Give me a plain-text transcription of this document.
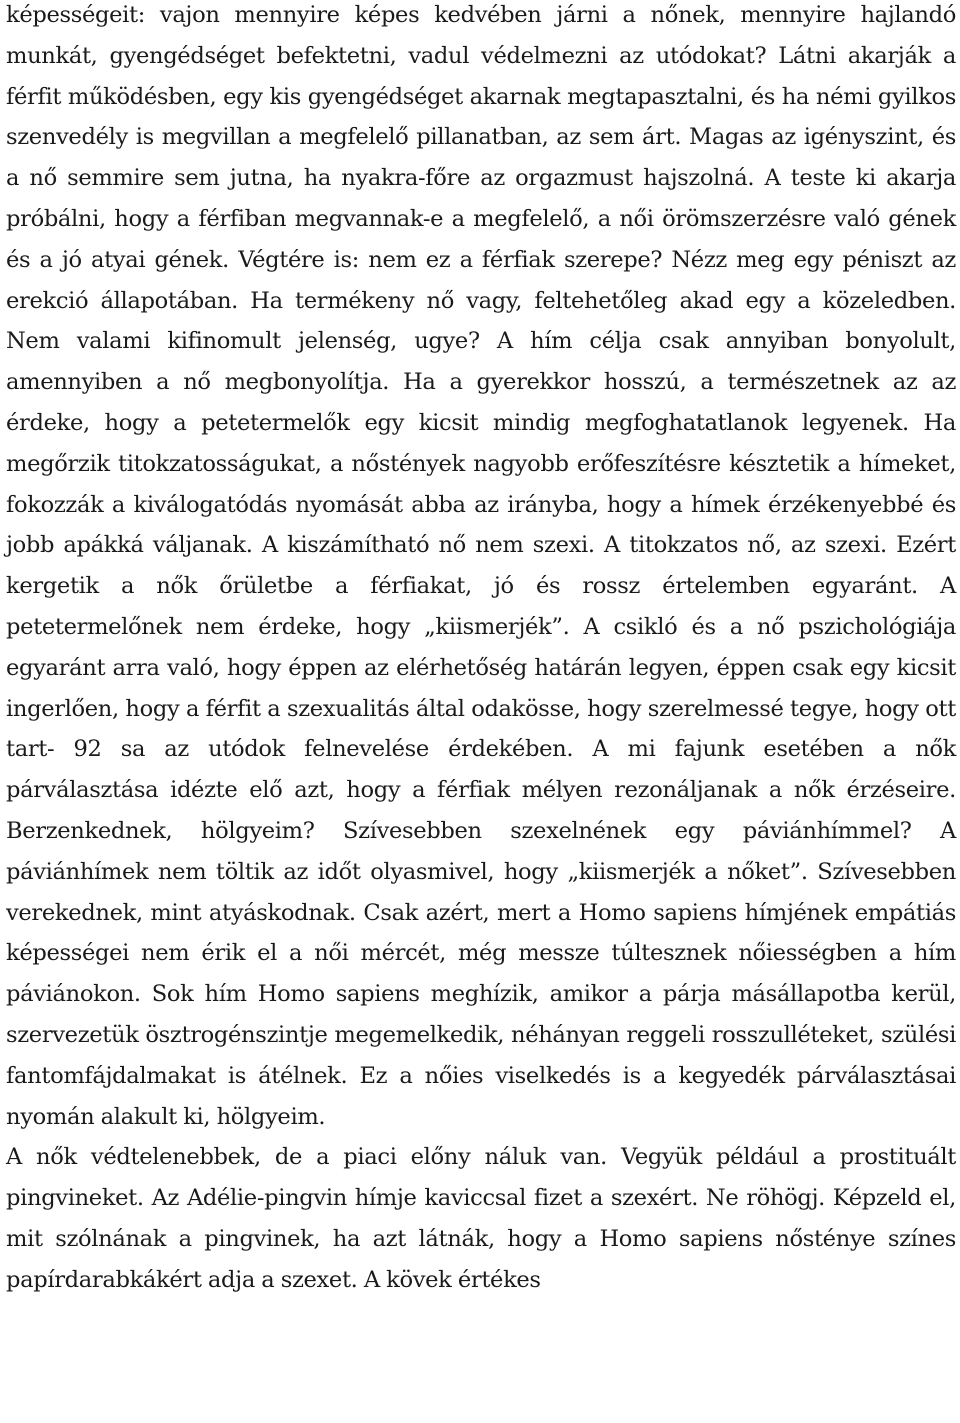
képességeit: vajon mennyire képes kedvében járni a nőnek, mennyire hajlandó munkát, gyengédséget befektetni, vadul védelmezni az utódokat? Látni akarják a férfit működésben, egy kis gyengédséget akarnak megtapasztalni, és ha némi gyilkos szenvedély is megvillan a megfelelő pillanatban, az sem árt. Magas az igényszint, és a nő semmire sem jutna, ha nyakra-főre az orgazmust hajszolná. A teste ki akarja próbálni, hogy a férfiban megvannak-e a megfelelő, a női örömszerzésre való gének és a jó atyai gének. Végtére is: nem ez a férfiak szerepe? Nézz meg egy péniszt az erekció állapotában. Ha termékeny nő vagy, feltehetőleg akad egy a közeledben. Nem valami kifinomult jelenség, ugye? A hím célja csak annyiban bonyolult, amennyiben a nő megbonyolítja. Ha a gyerekkor hosszú, a természetnek az az érdeke, hogy a petetermelők egy kicsit mindig megfoghatatlanok legyenek. Ha megőrzik titokzatosságukat, a nőstények nagyobb erőfeszítésre késztetik a hímeket, fokozzák a kiválogatódás nyomását abba az irányba, hogy a hímek érzékenyebbé és jobb apákká váljanak. A kiszámítható nő nem szexi. A titokzatos nő, az szexi. Ezért kergetik a nők őrületbe a férfiakat, jó és rossz értelemben egyaránt. A petetermelőnek nem érdeke, hogy „kiismerjék”. A csikló és a nő pszichológiája egyaránt arra való, hogy éppen az elérhetőség határán legyen, éppen csak egy kicsit ingerlően, hogy a férfit a szexualitás által odakösse, hogy szerelmessé tegye, hogy ott tart- 92 sa az utódok felnevelése érdekében. A mi fajunk esetében a nők párválasztása idézte elő azt, hogy a férfiak mélyen rezonáljanak a nők érzéseire. Berzenkednek, hölgyeim? Szívesebben szexelnének egy páviánhímmel? A páviánhímek nem töltik az időt olyasmivel, hogy „kiismerjék a nőket”. Szívesebben verekednek, mint atyáskodnak. Csak azért, mert a Homo sapiens hímjének empátiás képességei nem érik el a női mércét, még messze túltesznek nőiességben a hím páviánokon. Sok hím Homo sapiens meghízik, amikor a párja másállapotba kerül, szervezetük ösztrogénszintje megemelkedik, néhányan reggeli rosszulléteket, szülési fantomfájdalmakat is átélnek. Ez a nőies viselkedés is a kegyedék párválasztásai nyomán alakult ki, hölgyeim.

A nők védtelenebbek, de a piaci előny náluk van. Vegyük például a prostituált pingvineket. Az Adélie-pingvin hímje kaviccsal fizet a szexért. Ne röhögj. Képzeld el, mit szólnának a pingvinek, ha azt látnák, hogy a Homo sapiens nősténye színes papírdarabkákért adja a szexet. A kövek értékes
